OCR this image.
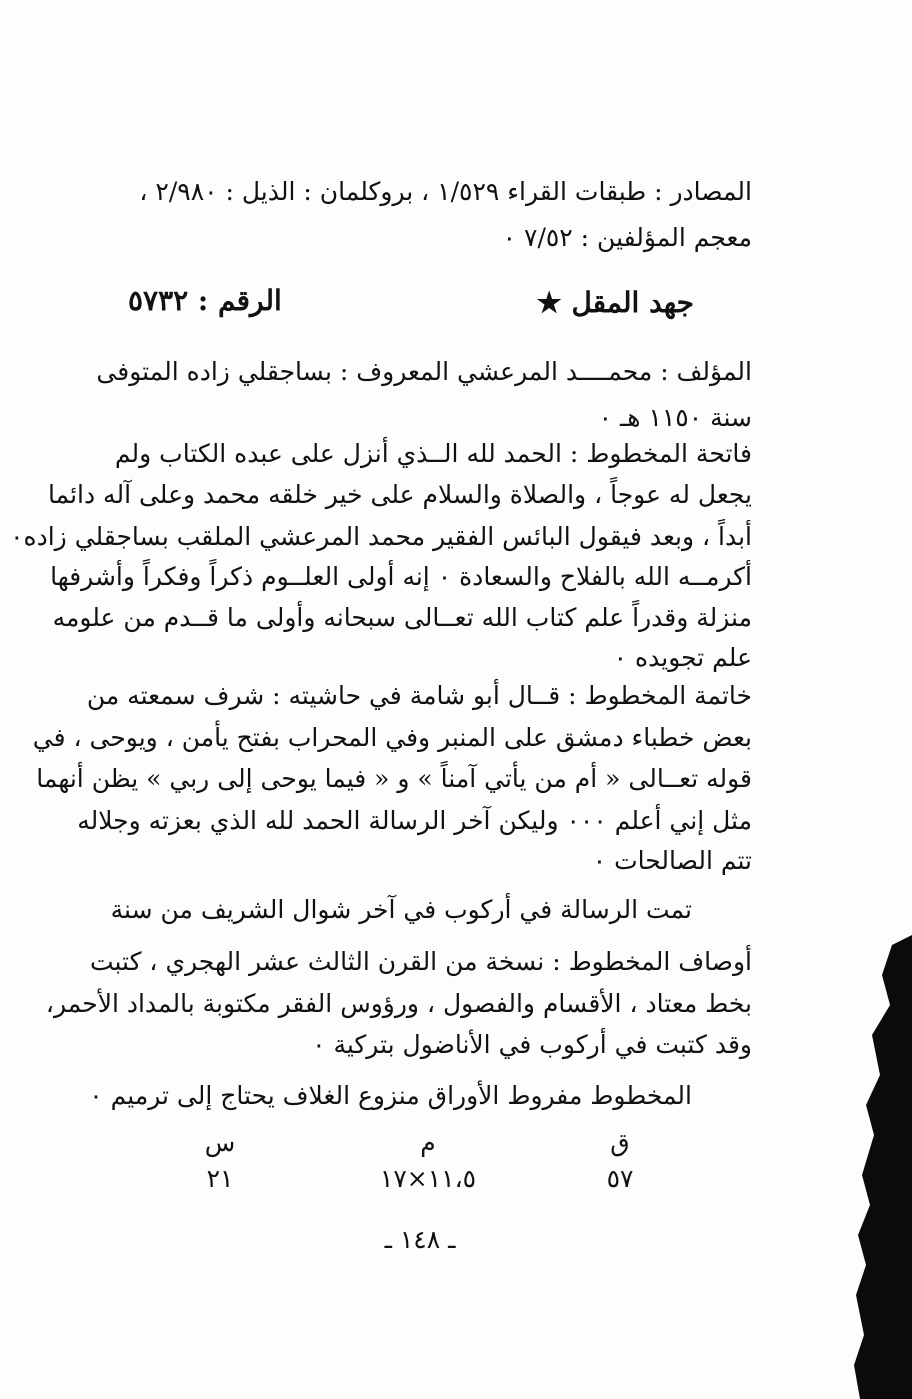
المصادر : طبقات القراء ١/٥٢٩ ، بروكلمان : الذيل : ٢/٩٨٠ ،
معجم المؤلفين : ٧/٥٢ ٠
جهد المقل ★
الرقم : ٥٧٣٢
المؤلف : محمــــد المرعشي المعروف : بساجقلي زاده المتوفى
سنة ١١٥٠ هـ ٠
فاتحة المخطوط : الحمد لله الــذي أنزل على عبده الكتاب ولم
يجعل له عوجاً ، والصلاة والسلام على خير خلقه محمد وعلى آله دائما
أبداً ، وبعد فيقول البائس الفقير محمد المرعشي الملقب بساجقلي زاده٠
أكرمــه الله بالفلاح والسعادة ٠ إنه أولى العلــوم ذكراً وفكراً وأشرفها
منزلة وقدراً علم كتاب الله تعــالى سبحانه وأولى ما قــدم من علومه
علم تجويده ٠
خاتمة المخطوط : قــال أبو شامة في حاشيته : شرف سمعته من
بعض خطباء دمشق على المنبر وفي المحراب بفتح يأمن ، ويوحى ، في
قوله تعــالى « أم من يأتي آمناً » و « فيما يوحى إلى ربي » يظن أنهما
مثل إني أعلم ٠٠٠ وليكن آخر الرسالة الحمد لله الذي بعزته وجلاله
تتم الصالحات ٠
تمت الرسالة في أركوب في آخر شوال الشريف من سنة
أوصاف المخطوط : نسخة من القرن الثالث عشر الهجري ، كتبت
بخط معتاد ، الأقسام والفصول ، ورؤوس الفقر مكتوبة بالمداد الأحمر،
وقد كتبت في أركوب في الأناضول بتركية ٠
المخطوط مفروط الأوراق منزوع الغلاف يحتاج إلى ترميم ٠
ق
م
س
٥٧
١١،٥×١٧
٢١
ـ ١٤٨ ـ
